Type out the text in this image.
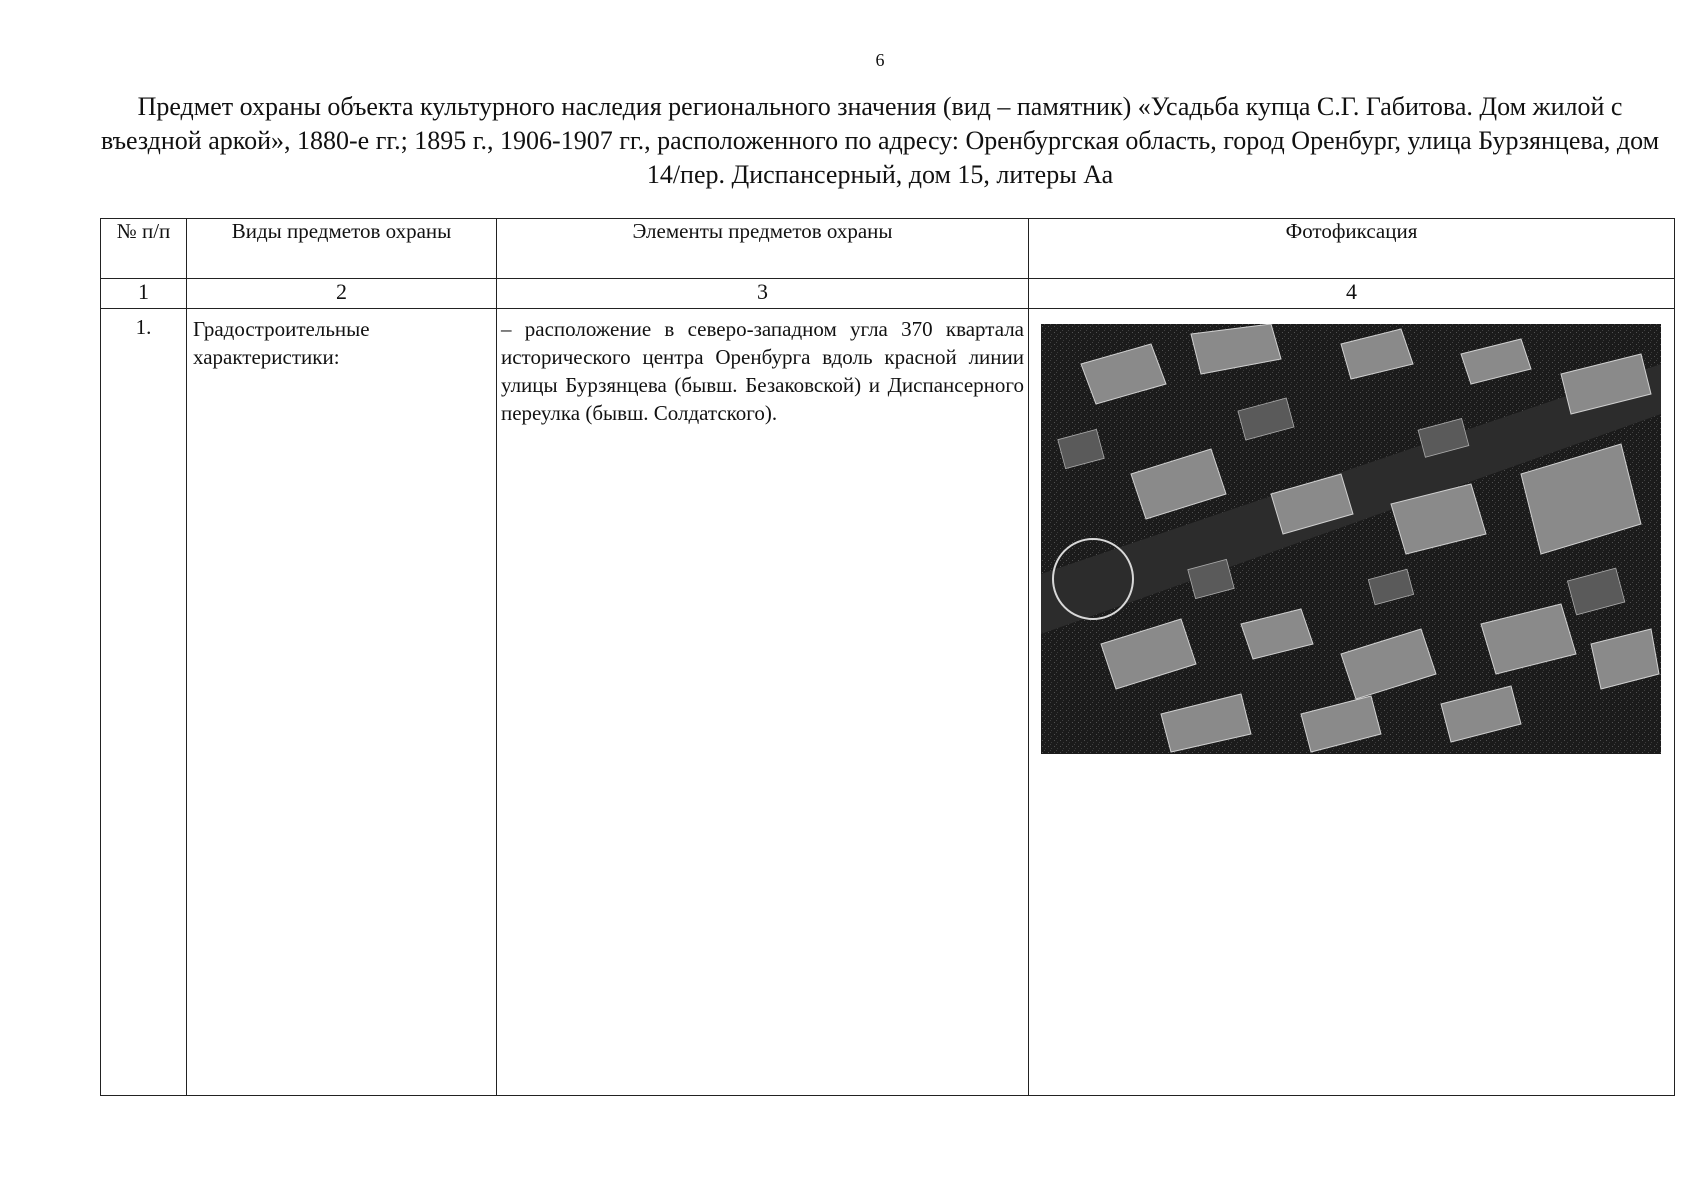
6
Предмет охраны объекта культурного наследия регионального значения (вид – памятник) «Усадьба купца С.Г. Габитова. Дом жилой с въездной аркой», 1880-е гг.; 1895 г., 1906-1907 гг., расположенного по адресу: Оренбургская область, город Оренбург, улица Бурзянцева, дом 14/пер. Диспансерный, дом 15, литеры Аа
№ п/п	Виды предметов охраны	Элементы предметов охраны	Фотофиксация
1	2	3	4
1.	Градостроительные характеристики:	– расположение в северо-западном угла 370 квартала исторического центра Оренбурга вдоль красной линии улицы Бурзянцева (бывш. Безаковской) и Диспансерного переулка (бывш. Солдатского).	
